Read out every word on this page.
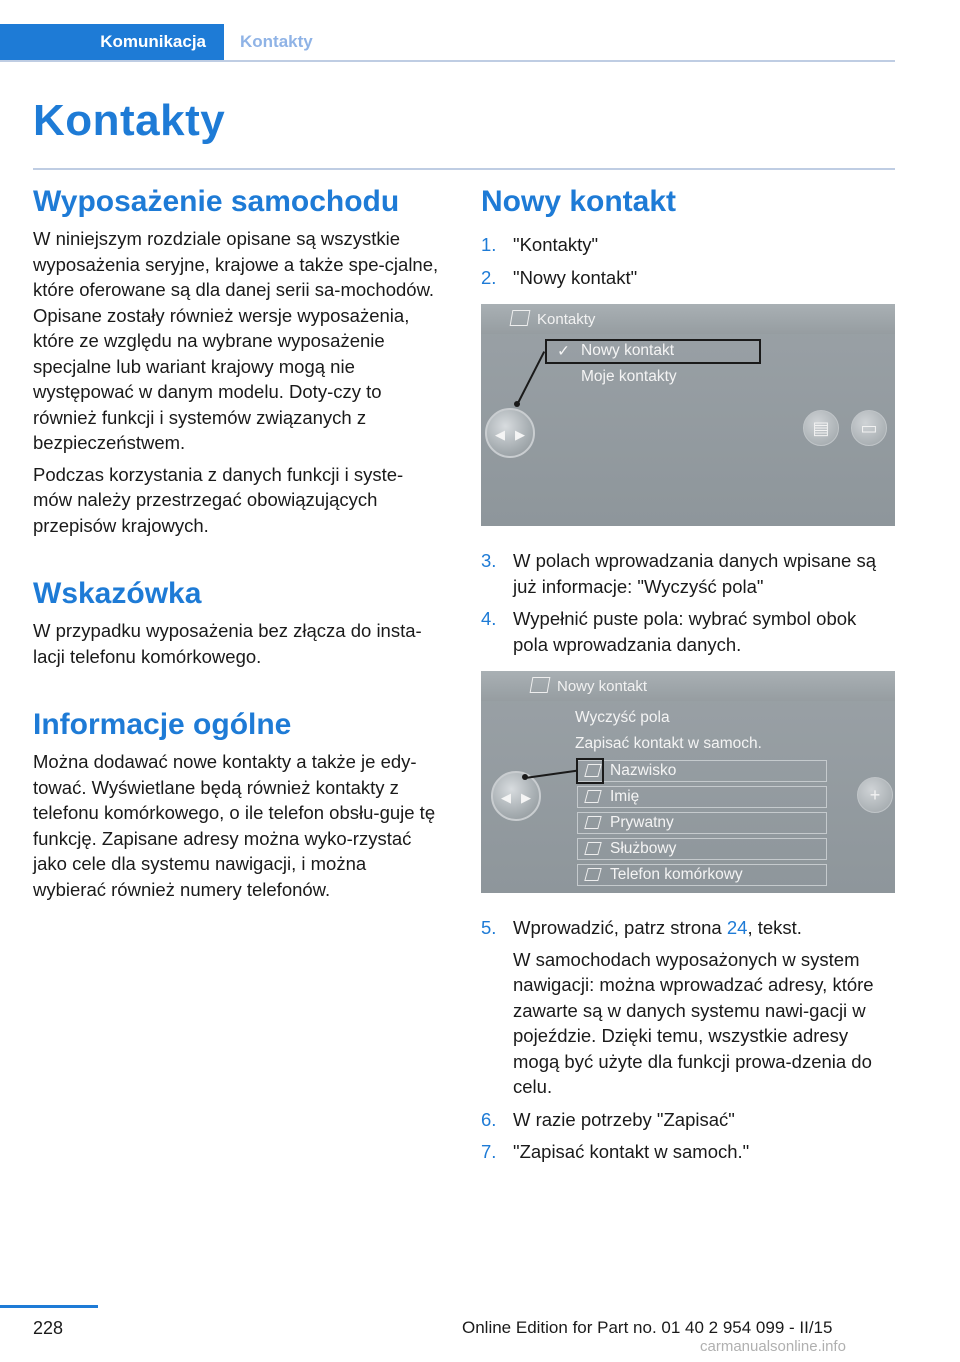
Komunikacja	Kontakty
Kontakty
Wyposażenie samochodu

W niniejszym rozdziale opisane są wszystkie wyposażenia seryjne, krajowe a także spe-cjalne, które oferowane są dla danej serii sa-mochodów. Opisane zostały również wersje wyposażenia, które ze względu na wybrane wyposażenie specjalne lub wariant krajowy mogą nie występować w danym modelu. Doty-czy to również funkcji i systemów związanych z bezpieczeństwem.

Podczas korzystania z danych funkcji i syste-mów należy przestrzegać obowiązujących przepisów krajowych.

Wskazówka

W przypadku wyposażenia bez złącza do insta-lacji telefonu komórkowego.

Informacje ogólne

Można dodawać nowe kontakty a także je edy-tować. Wyświetlane będą również kontakty z telefonu komórkowego, o ile telefon obsłu-guje tę funkcję. Zapisane adresy można wyko-rzystać jako cele dla systemu nawigacji, i można wybierać również numery telefonów.

Nowy kontakt
1. "Kontakty"
2. "Nowy kontakt"
Kontakty
◀ ▶	▤	▭
✓ Nowy kontakt
Moje kontakty
3. W polach wprowadzania danych wpisane są już informacje: "Wyczyść pola"
4. Wypełnić puste pola: wybrać symbol obok pola wprowadzania danych.
Nowy kontakt
◀ ▶	+
Wyczyść pola
Zapisać kontakt w samoch.
Nazwisko
Imię
Prywatny
Służbowy
Telefon komórkowy
5. Wprowadzić, patrz strona 24, tekst.
W samochodach wyposażonych w system nawigacji: można wprowadzać adresy, które zawarte są w danych systemu nawi-gacji w pojeździe. Dzięki temu, wszystkie adresy mogą być użyte dla funkcji prowa-dzenia do celu.
6. W razie potrzeby "Zapisać"
7. "Zapisać kontakt w samoch."
228	Online Edition for Part no. 01 40 2 954 099 - II/15
carmanualsonline.info
